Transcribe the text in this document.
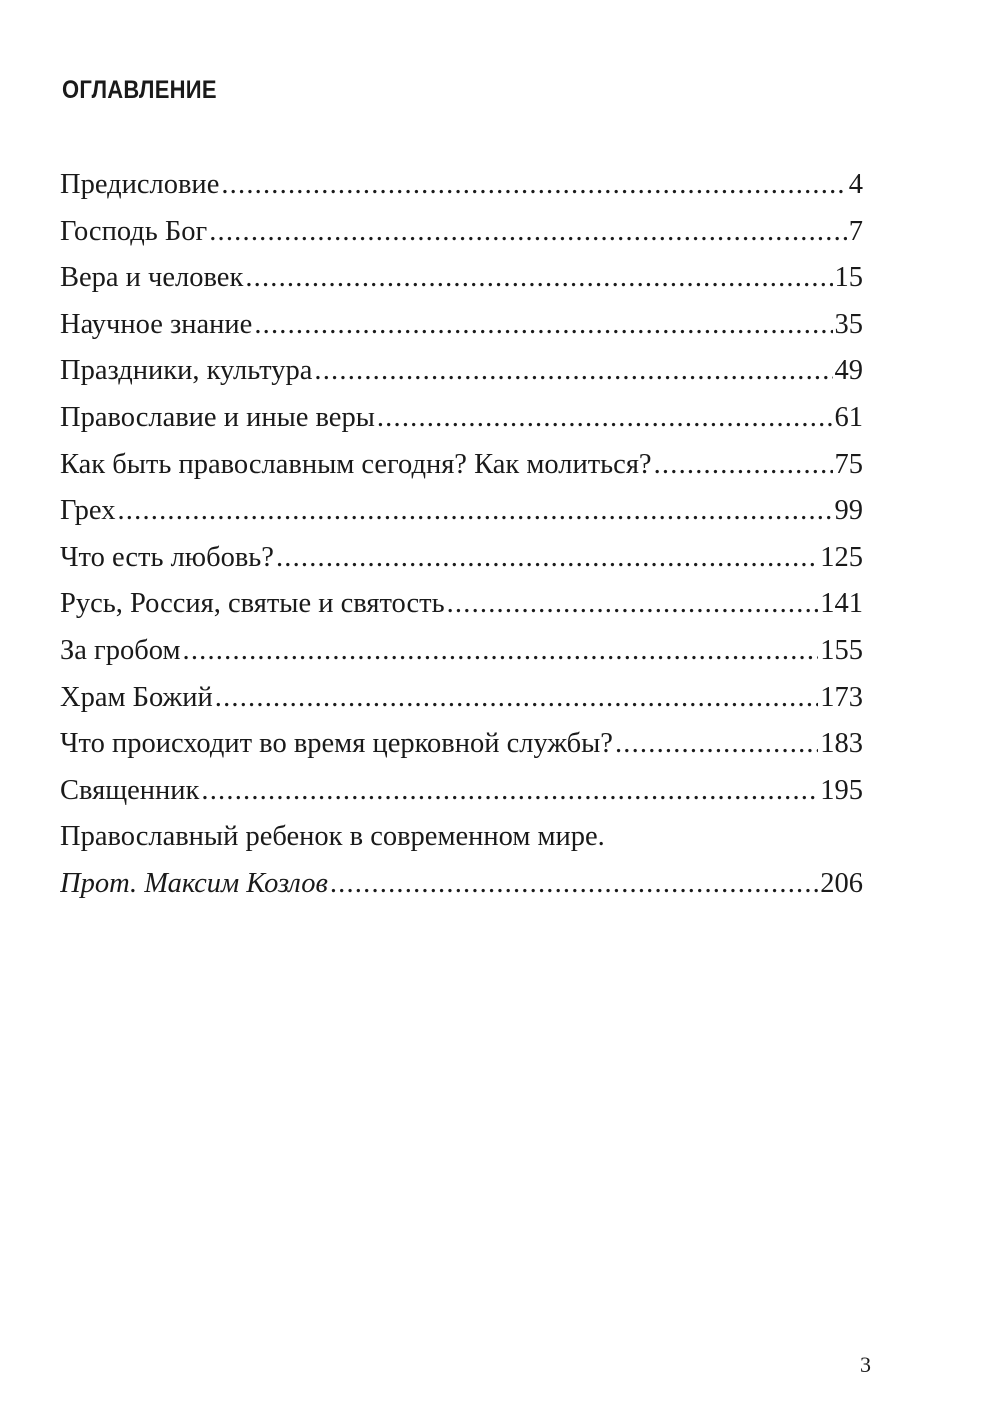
ОГЛАВЛЕНИЕ
Предисловие .....	4
Господь Бог .....	7
Вера и человек .....	15
Научное знание .....	35
Праздники, культура .....	49
Православие и иные веры .....	61
Как быть православным сегодня? Как молиться? .....	75
Грех .....	99
Что есть любовь? .....	125
Русь, Россия, святые и святость .....	141
За гробом .....	155
Храм Божий .....	173
Что происходит во время церковной службы? .....	183
Священник .....	195
Православный ребенок в современном мире.
Прот. Максим Козлов .....	206
3
